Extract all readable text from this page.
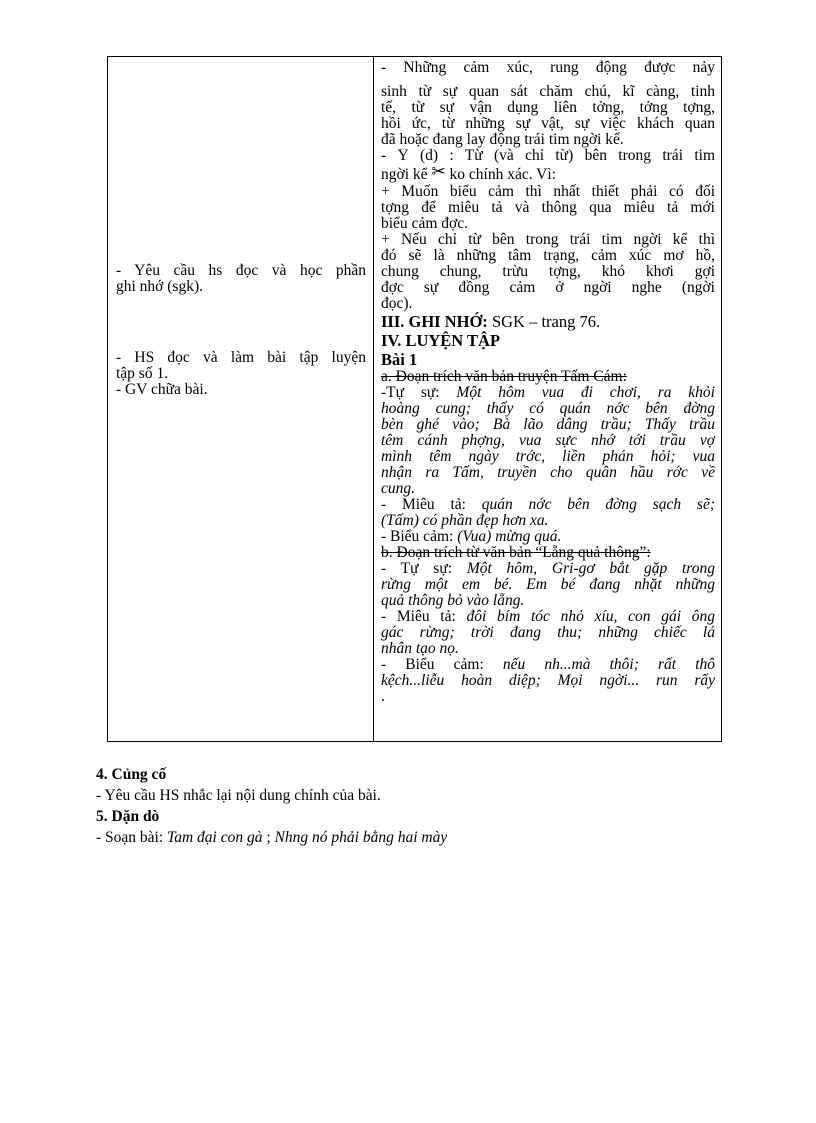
- Yêu cầu hs đọc và học phần
ghi nhớ (sgk).
- HS đọc và làm bài tập luyện
tập số 1.
- GV chữa bài.
- Những cảm xúc, rung động được nảy
sinh từ sự quan sát chăm chú, kĩ càng, tinh
tế, từ sự vận dụng liên tởng, tởng tợng,
hồi ức, từ những sự vật, sự việc khách quan
đã hoặc đang lay động trái tim ngời kể.
- Ý (d) : Từ (và chỉ từ) bên trong trái tim
ngời kể ✂ ko chính xác. Vì:
+ Muốn biểu cảm thì nhất thiết phải có đối
tợng để miêu tả và thông qua miêu tả mới
biểu cảm đợc.
+ Nếu chỉ từ bên trong trái tim ngời kể thì
đó sẽ là những tâm trạng, cảm xúc mơ hồ,
chung chung, trừu tợng, khó khơi gợi
đợc sự đồng cảm ở ngời nghe (ngời
đọc).
III. GHI NHỚ: SGK – trang 76.
IV. LUYỆN TẬP
Bài 1
a. Đoạn trích văn bản truyện Tấm Cám:
-Tự sự: Một hôm vua đi chơi, ra khỏi
hoàng cung; thấy có quán nớc bên đờng
bèn ghé vào; Bà lão dâng trầu; Thấy trầu
têm cánh phợng, vua sực nhớ tới trầu vợ
mình têm ngày trớc, liền phán hỏi; vua
nhận ra Tấm, truyền cho quân hầu rớc về
cung.
- Miêu tả: quán nớc bên đờng sạch sẽ;
(Tấm) có phần đẹp hơn xa.
- Biểu cảm: (Vua) mừng quá.
b. Đoạn trích từ văn bản “Lẵng quả thông”:
- Tự sự: Một hôm, Gri-gơ bắt gặp trong
rừng một em bé. Em bé đang nhặt những
quả thông bỏ vào lẵng.
- Miêu tả: đôi bím tóc nhỏ xíu, con gái ông
gác rừng; trời đang thu; những chiếc lá
nhân tạo nọ.
- Biểu cảm: nếu nh...mà thôi; rất thô
kệch...liễu hoàn diệp; Mọi ngời... run rẩy
.
4. Củng cố
- Yêu cầu HS nhắc lại nội dung chính của bài.
5. Dặn dò
- Soạn bài: Tam đại con gà ; Nhng nó phải bằng hai mày
